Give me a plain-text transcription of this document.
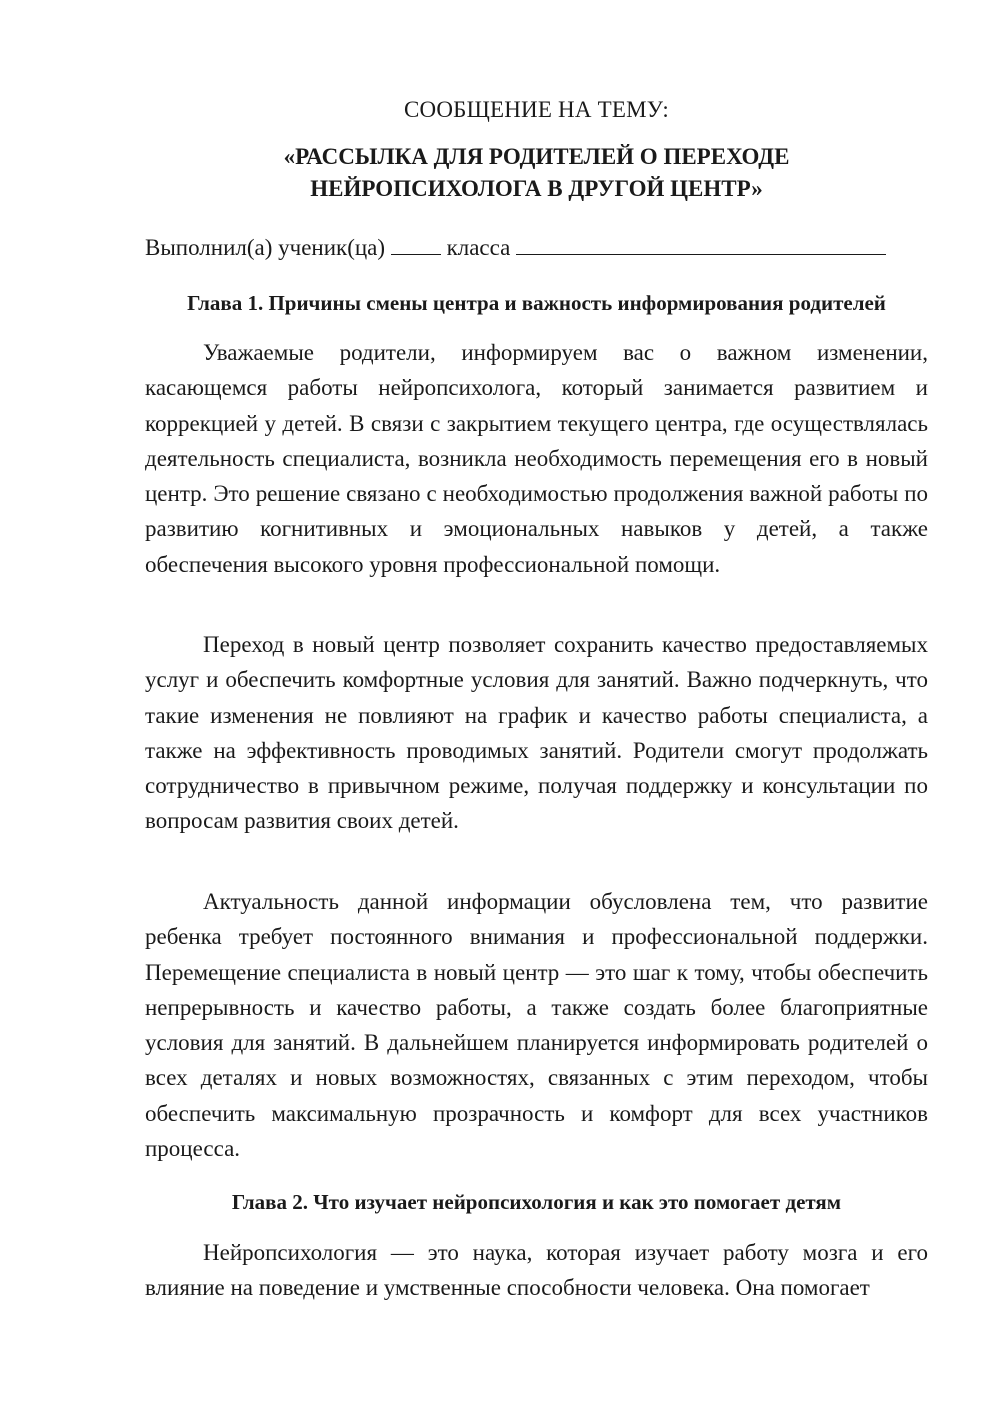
СООБЩЕНИЕ НА ТЕМУ:
«РАССЫЛКА ДЛЯ РОДИТЕЛЕЙ О ПЕРЕХОДЕ
НЕЙРОПСИХОЛОГА В ДРУГОЙ ЦЕНТР»
Выполнил(а) ученик(ца)	класса
Глава 1. Причины смены центра и важность информирования родителей

Уважаемые родители, информируем вас о важном изменении, касающемся работы нейропсихолога, который занимается развитием и коррекцией у детей. В связи с закрытием текущего центра, где осуществлялась деятельность специалиста, возникла необходимость перемещения его в новый центр. Это решение связано с необходимостью продолжения важной работы по развитию когнитивных и эмоциональных навыков у детей, а также обеспечения высокого уровня профессиональной помощи.

Переход в новый центр позволяет сохранить качество предоставляемых услуг и обеспечить комфортные условия для занятий. Важно подчеркнуть, что такие изменения не повлияют на график и качество работы специалиста, а также на эффективность проводимых занятий. Родители смогут продолжать сотрудничество в привычном режиме, получая поддержку и консультации по вопросам развития своих детей.

Актуальность данной информации обусловлена тем, что развитие ребенка требует постоянного внимания и профессиональной поддержки. Перемещение специалиста в новый центр — это шаг к тому, чтобы обеспечить непрерывность и качество работы, а также создать более благоприятные условия для занятий. В дальнейшем планируется информировать родителей о всех деталях и новых возможностях, связанных с этим переходом, чтобы обеспечить максимальную прозрачность и комфорт для всех участников процесса.

Глава 2. Что изучает нейропсихология и как это помогает детям

Нейропсихология — это наука, которая изучает работу мозга и его влияние на поведение и умственные способности человека. Она помогает
